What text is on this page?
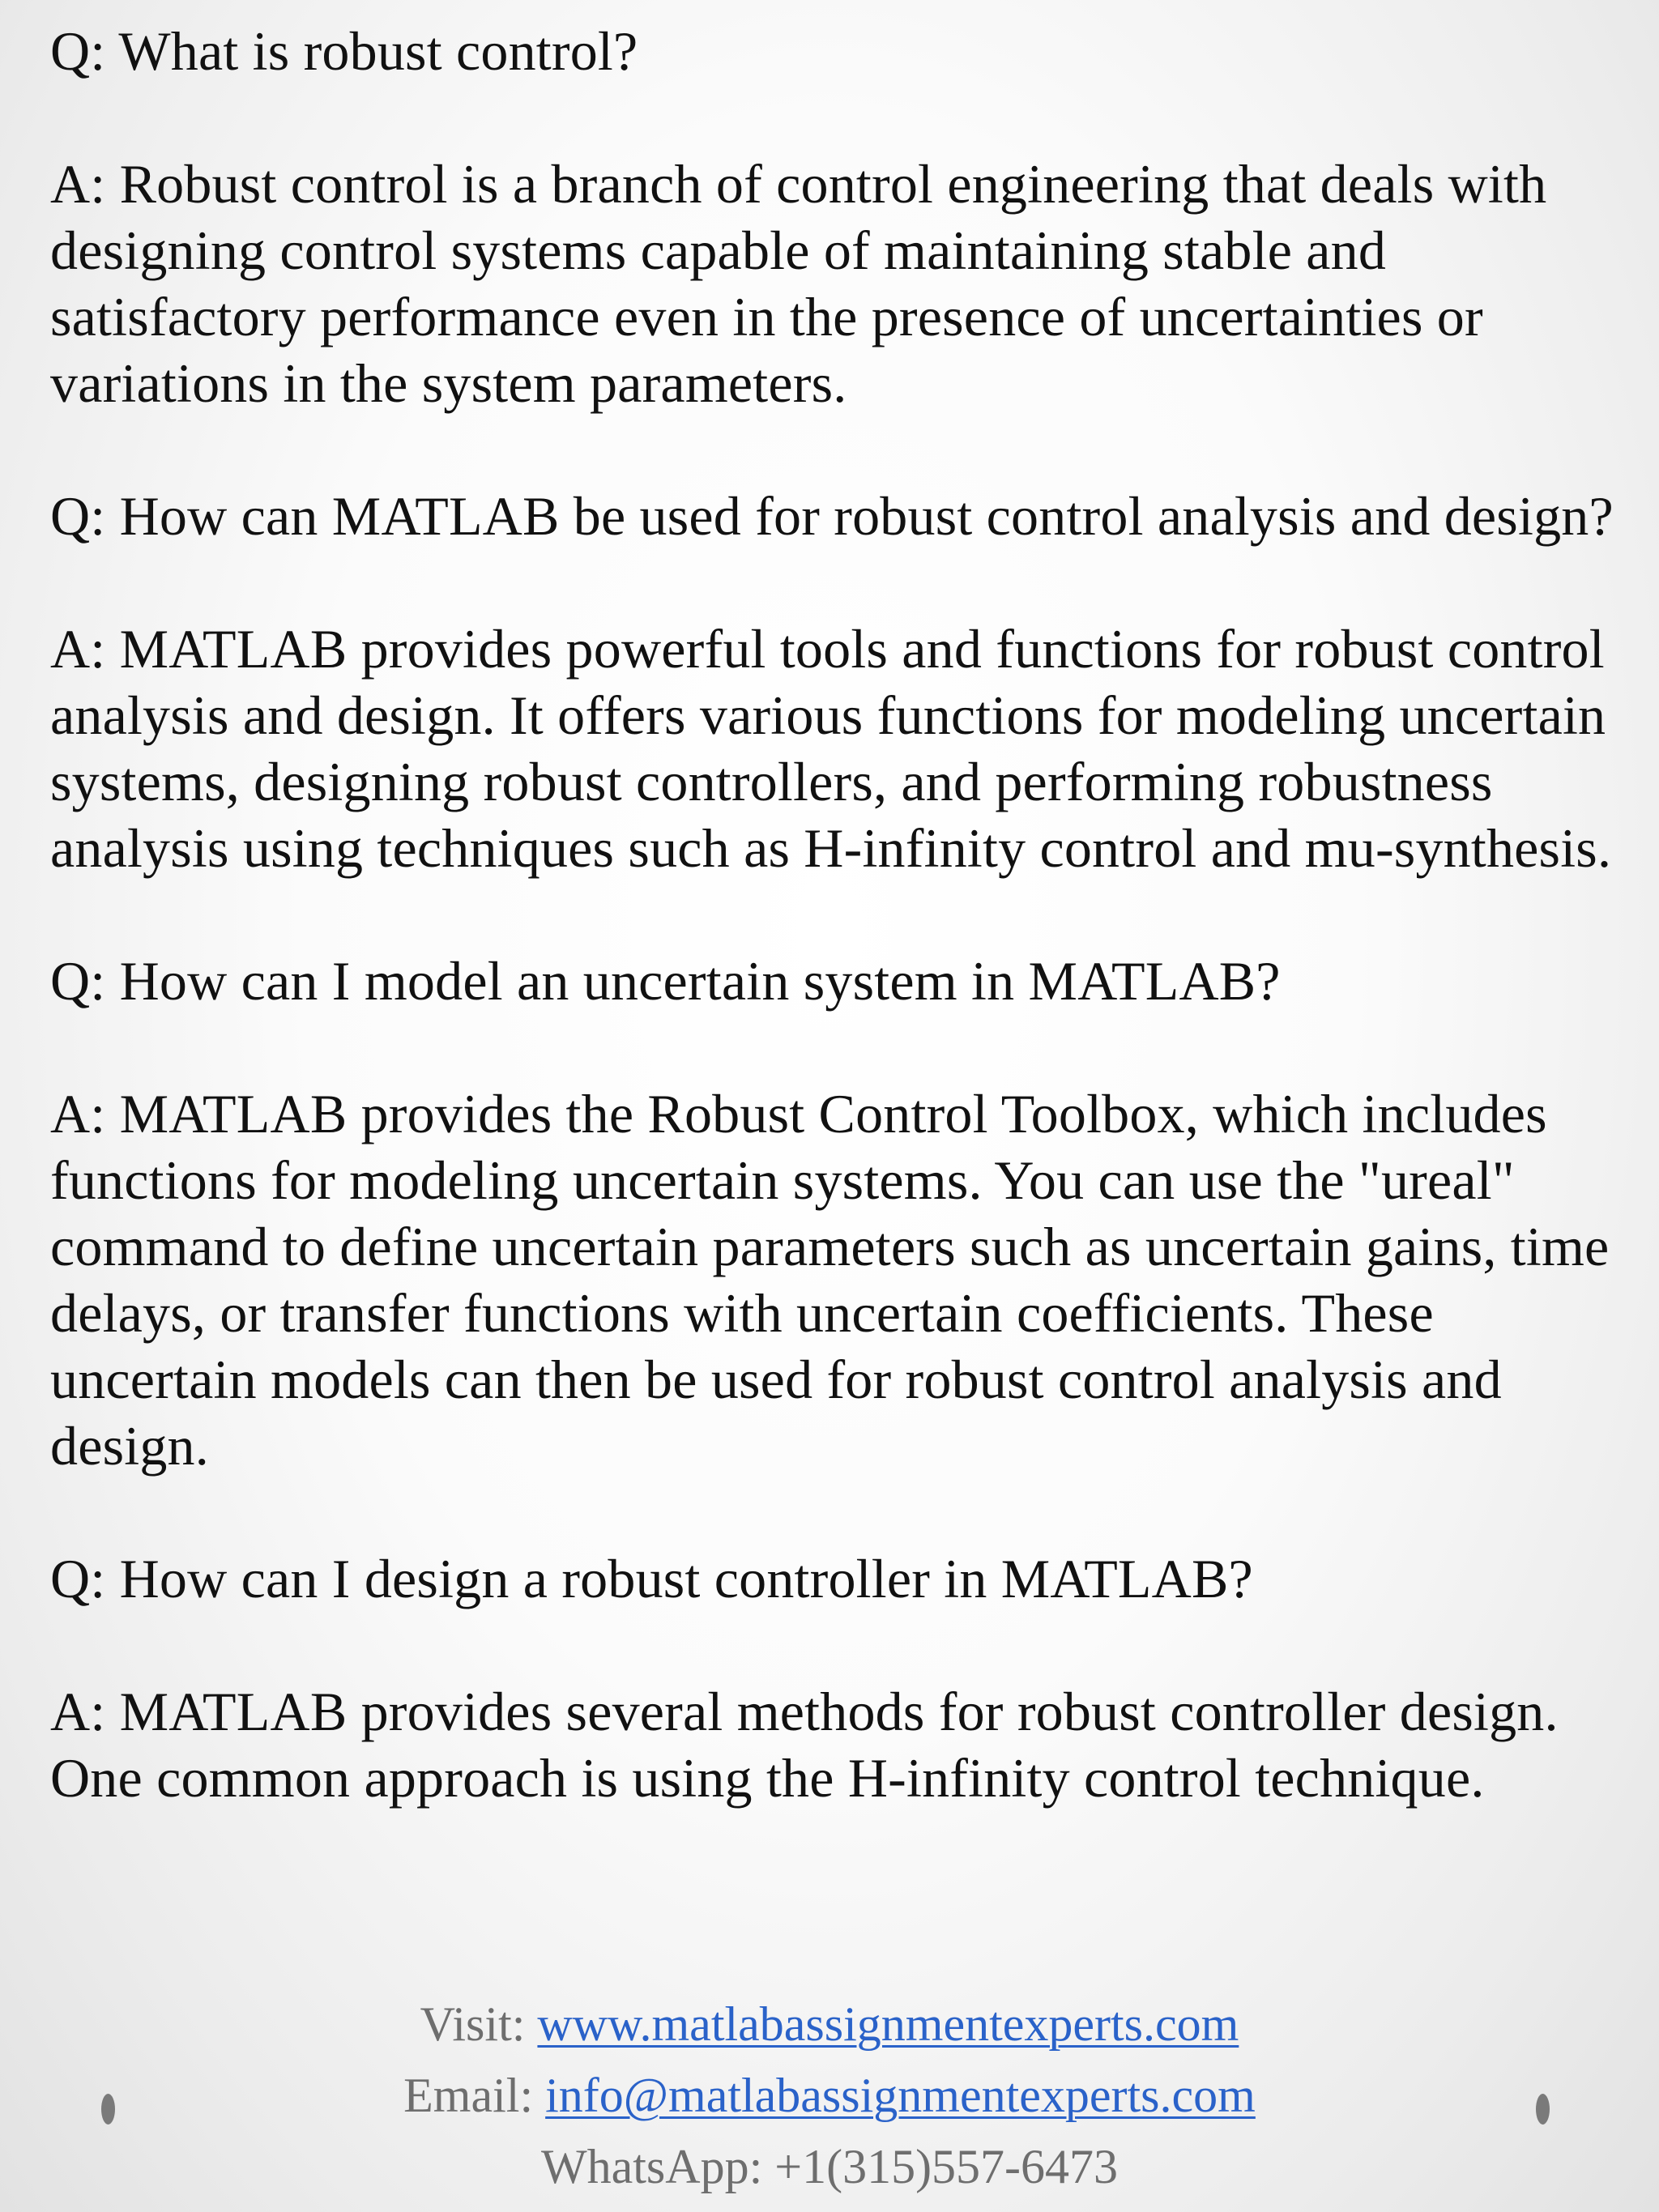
Q: What is robust control?

A: Robust control is a branch of control engineering that deals with designing control systems capable of maintaining stable and satisfactory performance even in the presence of uncertainties or variations in the system parameters.

Q: How can MATLAB be used for robust control analysis and design?

A: MATLAB provides powerful tools and functions for robust control analysis and design. It offers various functions for modeling uncertain systems, designing robust controllers, and performing robustness analysis using techniques such as H-infinity control and mu-synthesis.

Q: How can I model an uncertain system in MATLAB?

A: MATLAB provides the Robust Control Toolbox, which includes functions for modeling uncertain systems. You can use the "ureal" command to define uncertain parameters such as uncertain gains, time delays, or transfer functions with uncertain coefficients. These uncertain models can then be used for robust control analysis and design.

Q: How can I design a robust controller in MATLAB?

A: MATLAB provides several methods for robust controller design. One common approach is using the H-infinity control technique.

Visit: www.matlabassignmentexperts.com
Email: info@matlabassignmentexperts.com
WhatsApp: +1(315)557-6473
